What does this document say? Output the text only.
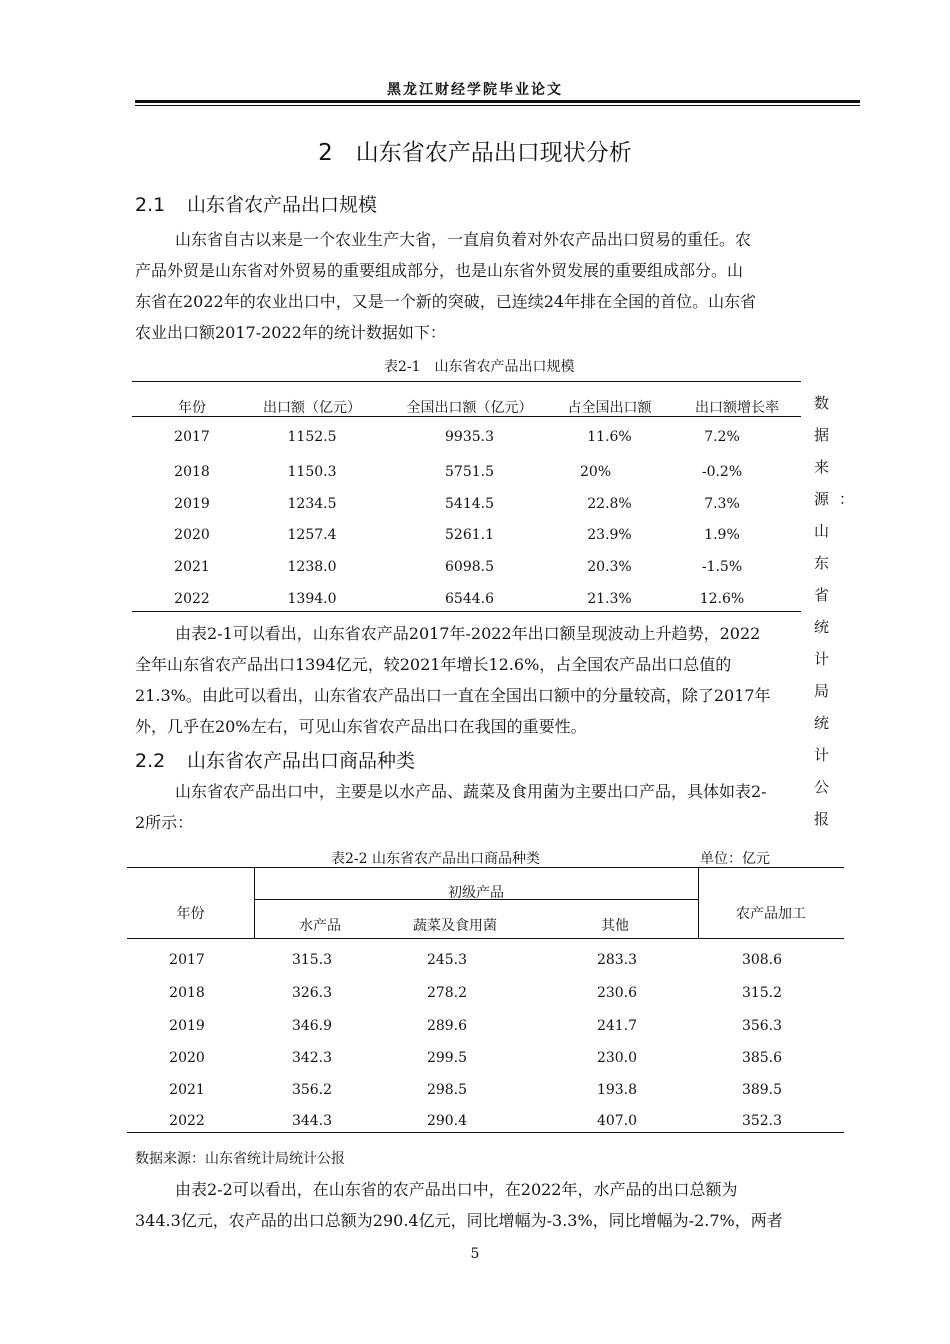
黑龙江财经学院毕业论文
2　山东省农产品出口现状分析
2.1 山东省农产品出口规模
山东省自古以来是一个农业生产大省，一直肩负着对外农产品出口贸易的重任。农
产品外贸是山东省对外贸易的重要组成部分，也是山东省外贸发展的重要组成部分。山
东省在2022年的农业出口中，又是一个新的突破，已连续24年排在全国的首位。山东省
农业出口额2017-2022年的统计数据如下：
表2-1　山东省农产品出口规模
年份	出口额（亿元）	全国出口额（亿元）	占全国出口额	出口额增长率
2017	1152.5	9935.3	11.6%	7.2%
2018	1150.3	5751.5	20%	-0.2%
2019	1234.5	5414.5	22.8%	7.3%
2020	1257.4	5261.1	23.9%	1.9%
2021	1238.0	6098.5	20.3%	-1.5%
2022	1394.0	6544.6	21.3%	12.6%
数据来源：山东省统计局统计公报
由表2-1可以看出，山东省农产品2017年-2022年出口额呈现波动上升趋势，2022
全年山东省农产品出口1394亿元，较2021年增长12.6%，占全国农产品出口总值的
21.3%。由此可以看出，山东省农产品出口一直在全国出口额中的分量较高，除了2017年
外，几乎在20%左右，可见山东省农产品出口在我国的重要性。
2.2 山东省农产品出口商品种类
山东省农产品出口中，主要是以水产品、蔬菜及食用菌为主要出口产品，具体如表2-
2所示：
表2-2 山东省农产品出口商品种类	单位：亿元
年份
初级产品
水产品	蔬菜及食用菌	其他
农产品加工
2017	315.3	245.3	283.3	308.6
2018	326.3	278.2	230.6	315.2
2019	346.9	289.6	241.7	356.3
2020	342.3	299.5	230.0	385.6
2021	356.2	298.5	193.8	389.5
2022	344.3	290.4	407.0	352.3
数据来源：山东省统计局统计公报
由表2-2可以看出，在山东省的农产品出口中，在2022年，水产品的出口总额为
344.3亿元，农产品的出口总额为290.4亿元，同比增幅为-3.3%，同比增幅为-2.7%，两者
5
